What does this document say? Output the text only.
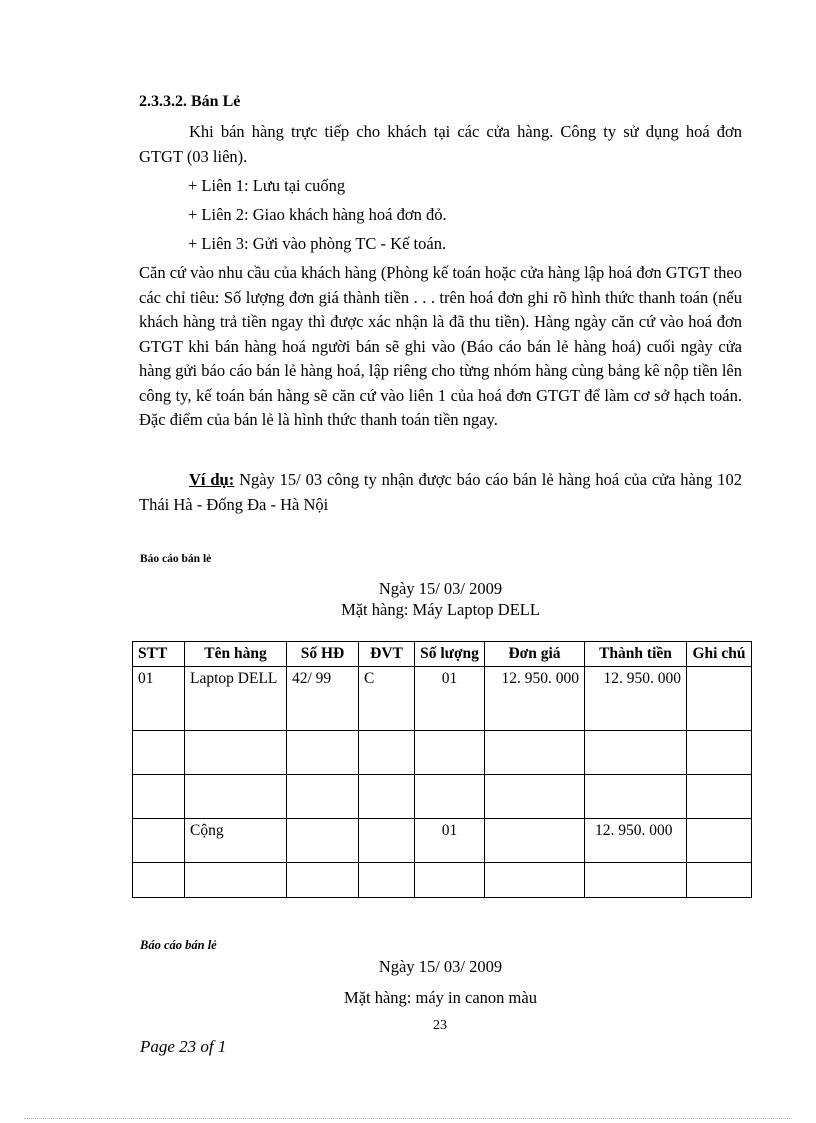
2.3.3.2. Bán Lẻ
Khi bán hàng trực tiếp cho khách tại các cửa hàng. Công ty sử dụng hoá đơn GTGT (03 liên).
+ Liên 1: Lưu tại cuống
+ Liên 2: Giao khách hàng hoá đơn đỏ.
+ Liên 3: Gửi vào phòng TC - Kế toán.
Căn cứ vào nhu cầu của khách hàng (Phòng kế toán hoặc cửa hàng lập hoá đơn GTGT theo các chỉ tiêu: Số lượng đơn giá thành tiền . . . trên hoá đơn ghi rõ hình thức thanh toán (nếu khách hàng trả tiền ngay thì được xác nhận là đã thu tiền). Hàng ngày căn cứ vào hoá đơn GTGT khi bán hàng hoá người bán sẽ ghi vào (Báo cáo bán lẻ hàng hoá) cuối ngày cửa hàng gửi báo cáo bán lẻ hàng hoá, lập riêng cho từng nhóm hàng cùng bảng kê nộp tiền lên công ty, kế toán bán hàng sẽ căn cứ vào liên 1 của hoá đơn GTGT để làm cơ sở hạch toán. Đặc điểm của bán lẻ là hình thức thanh toán tiền ngay.
Ví dụ: Ngày 15/ 03 công ty nhận được báo cáo bán lẻ hàng hoá của cửa hàng 102 Thái Hà - Đống Đa - Hà Nội
Báo cáo bán lẻ
Ngày 15/ 03/ 2009
Mặt hàng: Máy Laptop DELL
STT	Tên hàng	Số HĐ	ĐVT	Số lượng	Đơn giá	Thành tiền	Ghi chú
01	Laptop DELL	42/ 99	C	01	12. 950. 000	12. 950. 000	

	Cộng			01		12. 950. 000	

Báo cáo bán lẻ
Ngày 15/ 03/ 2009
Mặt hàng: máy in canon màu
23
Page 23 of 1
